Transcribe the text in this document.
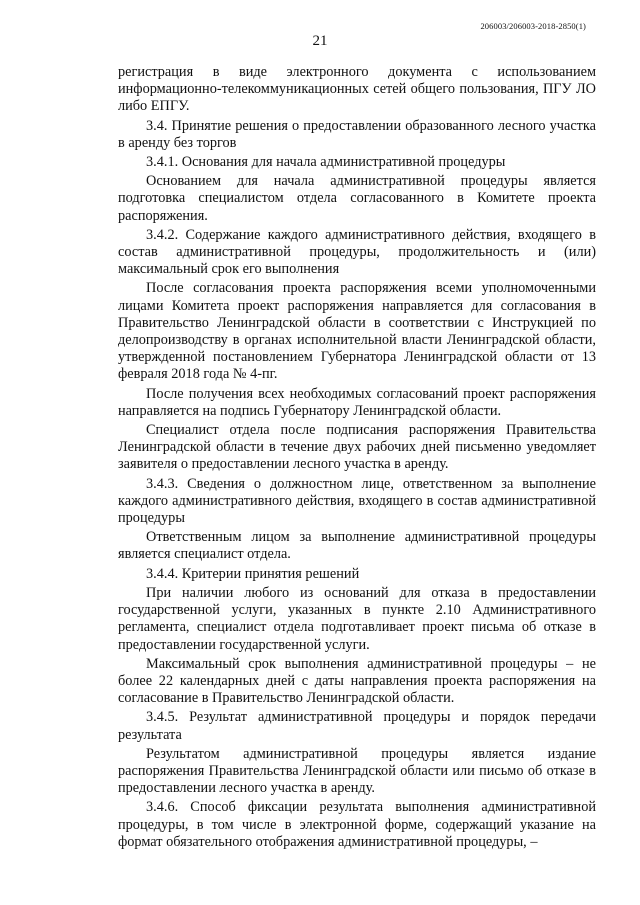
206003/206003-2018-2850(1)
21

регистрация в виде электронного документа с использованием информационно-телекоммуникационных сетей общего пользования, ПГУ ЛО либо ЕПГУ.

3.4. Принятие решения о предоставлении образованного лесного участка в аренду без торгов

3.4.1. Основания для начала административной процедуры

Основанием для начала административной процедуры является подготовка специалистом отдела согласованного в Комитете проекта распоряжения.

3.4.2. Содержание каждого административного действия, входящего в состав административной процедуры, продолжительность и (или) максимальный срок его выполнения

После согласования проекта распоряжения всеми уполномоченными лицами Комитета проект распоряжения направляется для согласования в Правительство Ленинградской области в соответствии с Инструкцией по делопроизводству в органах исполнительной власти Ленинградской области, утвержденной постановлением Губернатора Ленинградской области от 13 февраля 2018 года № 4-пг.

После получения всех необходимых согласований проект распоряжения направляется на подпись Губернатору Ленинградской области.

Специалист отдела после подписания распоряжения Правительства Ленинградской области в течение двух рабочих дней письменно уведомляет заявителя о предоставлении лесного участка в аренду.

3.4.3. Сведения о должностном лице, ответственном за выполнение каждого административного действия, входящего в состав административной процедуры

Ответственным лицом за выполнение административной процедуры является специалист отдела.

3.4.4. Критерии принятия решений

При наличии любого из оснований для отказа в предоставлении государственной услуги, указанных в пункте 2.10 Административного регламента, специалист отдела подготавливает проект письма об отказе в предоставлении государственной услуги.

Максимальный срок выполнения административной процедуры – не более 22 календарных дней с даты направления проекта распоряжения на согласование в Правительство Ленинградской области.

3.4.5. Результат административной процедуры и порядок передачи результата

Результатом административной процедуры является издание распоряжения Правительства Ленинградской области или письмо об отказе в предоставлении лесного участка в аренду.

3.4.6. Способ фиксации результата выполнения административной процедуры, в том числе в электронной форме, содержащий указание на формат обязательного отображения административной процедуры, –
